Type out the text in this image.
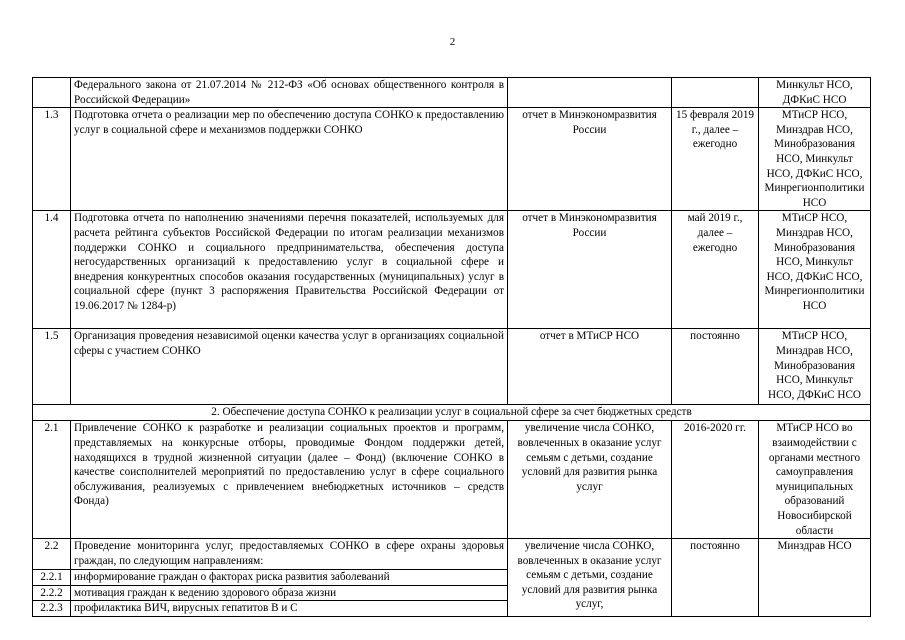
2
	Федерального закона от 21.07.2014 № 212-ФЗ «Об основах общественного контроля в Российской Федерации»			Минкульт НСО, ДФКиС НСО
1.3	Подготовка отчета о реализации мер по обеспечению доступа СОНКО к предоставлению услуг в социальной сфере и механизмов поддержки СОНКО	отчет в Минэкономразвития России	15 февраля 2019 г., далее – ежегодно	МТиСР НСО, Минздрав НСО, Минобразования НСО, Минкульт НСО, ДФКиС НСО, Минрегионполитики НСО
1.4	Подготовка отчета по наполнению значениями перечня показателей, используемых для расчета рейтинга субъектов Российской Федерации по итогам реализации механизмов поддержки СОНКО и социального предпринимательства, обеспечения доступа негосударственных организаций к предоставлению услуг в социальной сфере и внедрения конкурентных способов оказания государственных (муниципальных) услуг в социальной сфере (пункт 3 распоряжения Правительства Российской Федерации от 19.06.2017 № 1284-р)	отчет в Минэкономразвития России	май 2019 г., далее – ежегодно	МТиСР НСО, Минздрав НСО, Минобразования НСО, Минкульт НСО, ДФКиС НСО, Минрегионполитики НСО
1.5	Организация проведения независимой оценки качества услуг в организациях социальной сферы с участием СОНКО	отчет в МТиСР НСО	постоянно	МТиСР НСО, Минздрав НСО, Минобразования НСО, Минкульт НСО, ДФКиС НСО
2. Обеспечение доступа СОНКО к реализации услуг в социальной сфере за счет бюджетных средств				
2.1	Привлечение СОНКО к разработке и реализации социальных проектов и программ, представляемых на конкурсные отборы, проводимые Фондом поддержки детей, находящихся в трудной жизненной ситуации (далее – Фонд) (включение СОНКО в качестве соисполнителей мероприятий по предоставлению услуг в сфере социального обслуживания, реализуемых с привлечением внебюджетных источников – средств Фонда)	увеличение числа СОНКО, вовлеченных в оказание услуг семьям с детьми, создание условий для развития рынка услуг	2016-2020 гг.	МТиСР НСО во взаимодействии с органами местного самоуправления муниципальных образований Новосибирской области
2.2	Проведение мониторинга услуг, предоставляемых СОНКО в сфере охраны здоровья граждан, по следующим направлениям:	увеличение числа СОНКО, вовлеченных в оказание услуг семьям с детьми, создание условий для развития рынка услуг,	постоянно	Минздрав НСО
2.2.1	информирование граждан о факторах риска развития заболеваний			
2.2.2	мотивация граждан к ведению здорового образа жизни			
2.2.3	профилактика ВИЧ, вирусных гепатитов В и С			
